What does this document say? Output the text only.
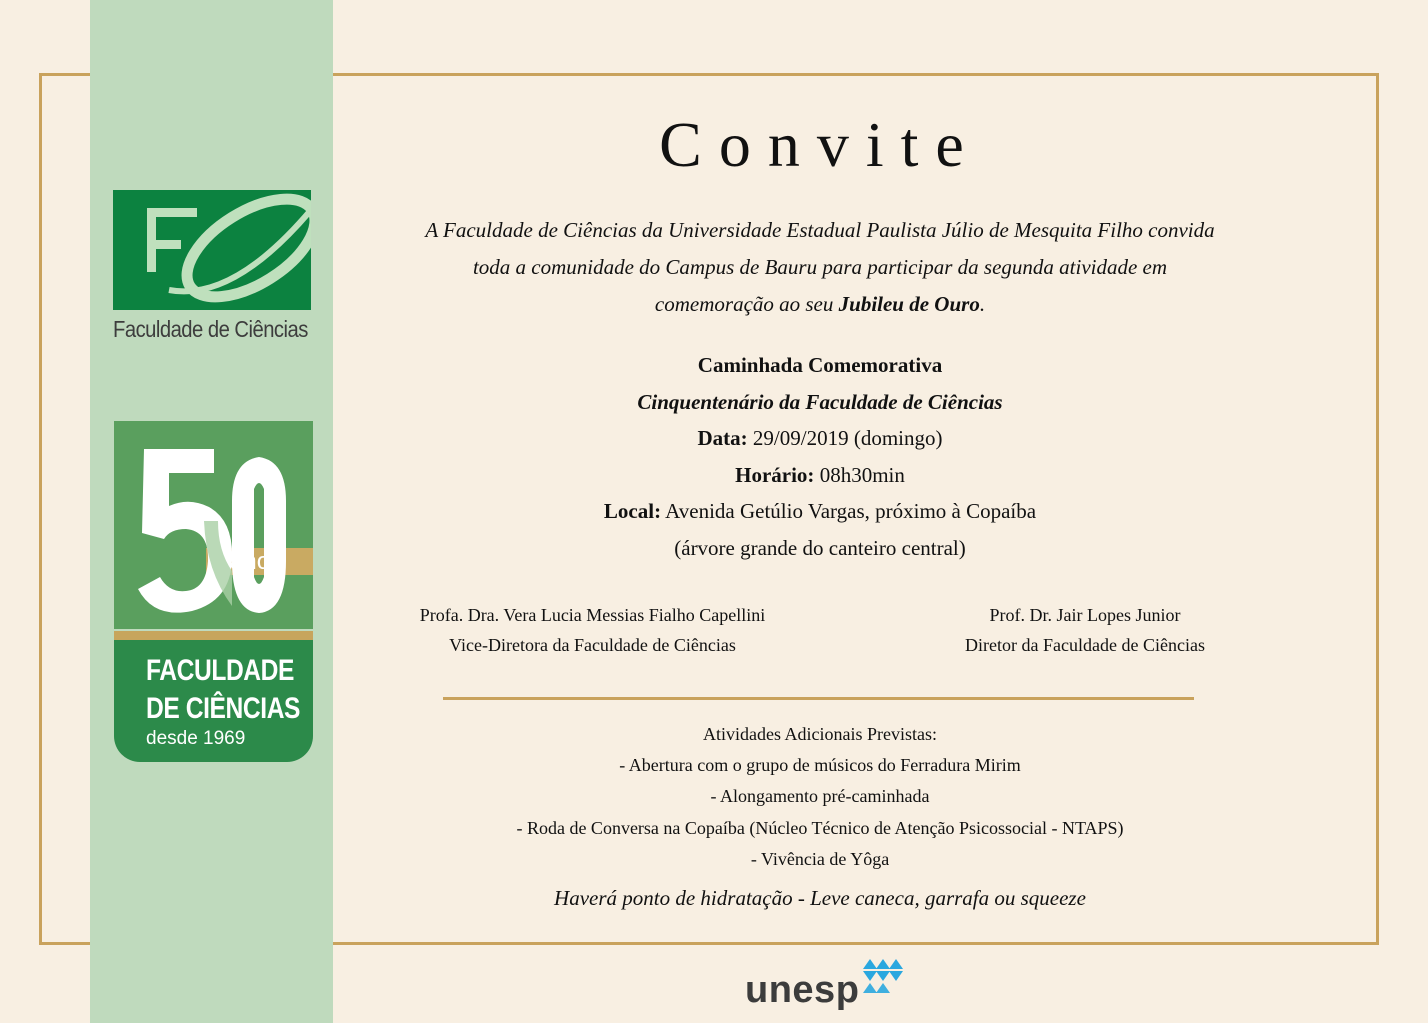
Faculdade de Ciências
anos
FACULDADE
DE CIÊNCIAS
desde 1969
Convite
A Faculdade de Ciências da Universidade Estadual Paulista Júlio de Mesquita Filho convida toda a comunidade do Campus de Bauru para participar da segunda atividade em comemoração ao seu Jubileu de Ouro.
Caminhada Comemorativa
Cinquentenário da Faculdade de Ciências
Data: 29/09/2019 (domingo)
Horário: 08h30min
Local: Avenida Getúlio Vargas, próximo à Copaíba
(árvore grande do canteiro central)
Profa. Dra. Vera Lucia Messias Fialho Capellini
Vice-Diretora da Faculdade de Ciências
Prof. Dr. Jair Lopes Junior
Diretor da Faculdade de Ciências
Atividades Adicionais Previstas:
- Abertura com o grupo de músicos do Ferradura Mirim
- Alongamento pré-caminhada
- Roda de Conversa na Copaíba (Núcleo Técnico de Atenção Psicossocial - NTAPS)
- Vivência de Yôga
Haverá ponto de hidratação - Leve caneca, garrafa ou squeeze
unesp
